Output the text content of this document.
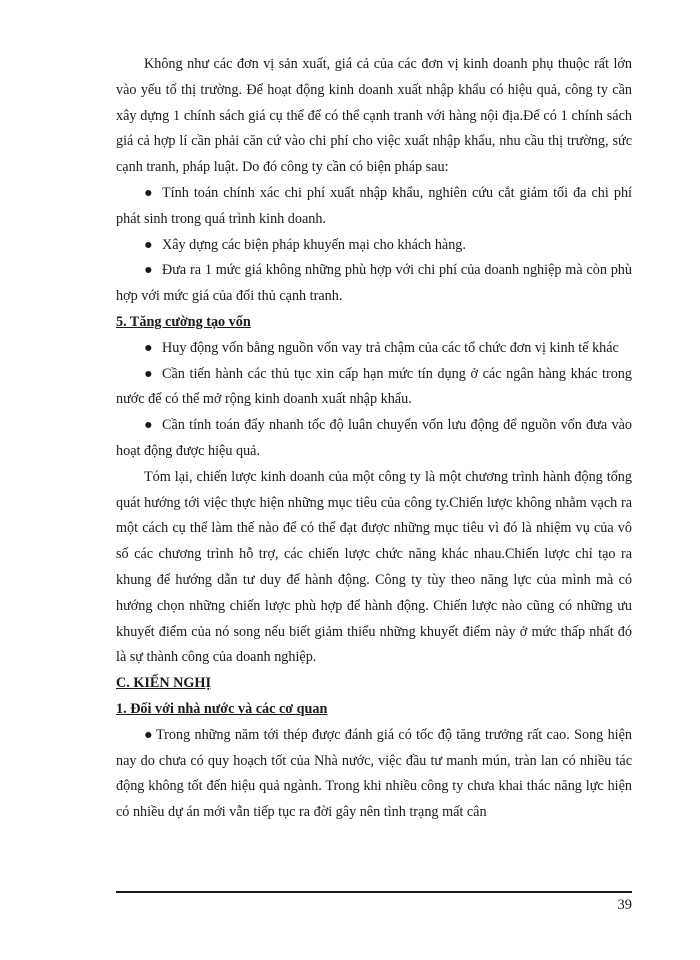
Không như các đơn vị sản xuất, giá cả của các đơn vị kinh doanh phụ thuộc rất lớn vào yếu tố thị trường. Để hoạt động kinh doanh xuất nhập khẩu có hiệu quả, công ty cần xây dựng 1 chính sách giá cụ thể để có thể cạnh tranh với hàng nội địa.Để có 1 chính sách giá cả hợp lí cần phải căn cứ vào chi phí cho việc xuất nhập khẩu, nhu cầu thị trường, sức cạnh tranh, pháp luật. Do đó công ty cần có biện pháp sau:

● Tính toán chính xác chi phí xuất nhập khẩu, nghiên cứu cắt giảm tối đa chi phí phát sinh trong quá trình kinh doanh.

● Xây dựng các biện pháp khuyến mại cho khách hàng.

● Đưa ra 1 mức giá không những phù hợp với chi phí của doanh nghiệp mà còn phù hợp với mức giá của đối thủ cạnh tranh.

5. Tăng cường tạo vốn

● Huy động vốn bằng nguồn vốn vay trả chậm của các tổ chức đơn vị kinh tế khác

● Cần tiến hành các thủ tục xin cấp hạn mức tín dụng ở các ngân hàng khác trong nước để có thể mở rộng kinh doanh xuất nhập khẩu.

● Cần tính toán đẩy nhanh tốc độ luân chuyển vốn lưu động để nguồn vốn đưa vào hoạt động được hiệu quả.

Tóm lại, chiến lược kinh doanh của một công ty là một chương trình hành động tổng quát hướng tới việc thực hiện những mục tiêu của công ty.Chiến lược không nhằm vạch ra một cách cụ thể làm thế nào để có thể đạt được những mục tiêu vì đó là nhiệm vụ của vô số các chương trình hỗ trợ, các chiến lược chức năng khác nhau.Chiến lược chỉ tạo ra khung để hướng dẫn tư duy để hành động. Công ty tùy theo năng lực của mình mà có hướng chọn những chiến lược phù hợp để hành động. Chiến lược nào cũng có những ưu khuyết điểm của nó song nếu biết giảm thiểu những khuyết điểm này ở mức thấp nhất đó là sự thành công của doanh nghiệp.

C. KIẾN NGHỊ

1. Đối với nhà nước và các cơ quan

● Trong những năm tới thép được đánh giá có tốc độ tăng trưởng rất cao. Song hiện nay do chưa có quy hoạch tốt của Nhà nước, việc đầu tư manh mún, tràn lan có nhiều tác động không tốt đến hiệu quả ngành. Trong khi nhiều công ty chưa khai thác năng lực hiện có nhiều dự án mới vẫn tiếp tục ra đời gây nên tình trạng mất cân

39
